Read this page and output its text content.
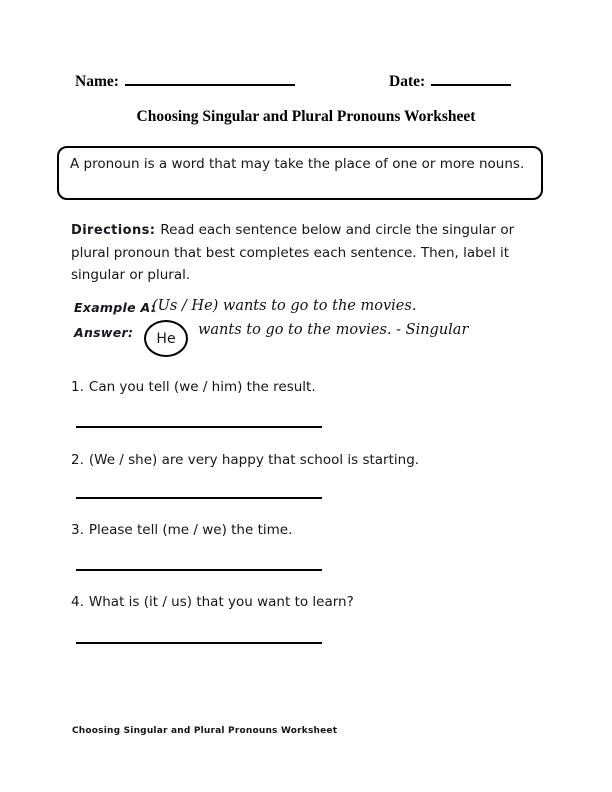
Name:	Date:
Choosing Singular and Plural Pronouns Worksheet
A pronoun is a word that may take the place of one or more nouns.

Directions: Read each sentence below and circle the singular or plural pronoun that best completes each sentence. Then, label it singular or plural.

Example A:
(Us / He) wants to go to the movies.
Answer: He
wants to go to the movies. - Singular
1. Can you tell (we / him) the result.
2. (We / she) are very happy that school is starting.
3. Please tell (me / we) the time.
4. What is (it / us) that you want to learn?
Choosing Singular and Plural Pronouns Worksheet
